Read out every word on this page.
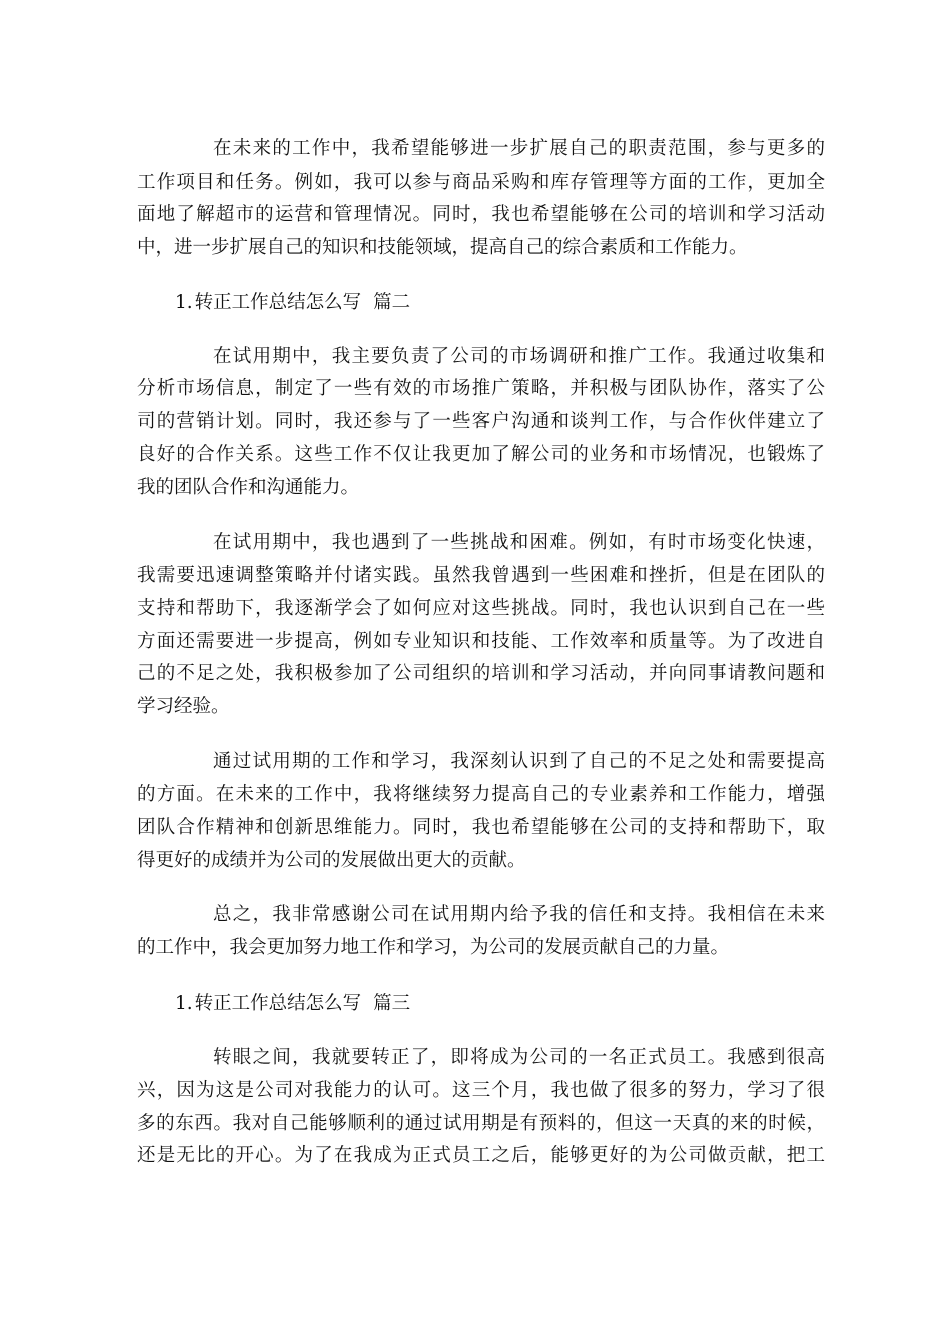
在未来的工作中，我希望能够进一步扩展自己的职责范围，参与更多的
工作项目和任务。例如，我可以参与商品采购和库存管理等方面的工作，更加全
面地了解超市的运营和管理情况。同时，我也希望能够在公司的培训和学习活动
中，进一步扩展自己的知识和技能领域，提高自己的综合素质和工作能力。
1. 转正工作总结怎么写 篇二
在试用期中，我主要负责了公司的市场调研和推广工作。我通过收集和
分析市场信息，制定了一些有效的市场推广策略，并积极与团队协作，落实了公
司的营销计划。同时，我还参与了一些客户沟通和谈判工作，与合作伙伴建立了
良好的合作关系。这些工作不仅让我更加了解公司的业务和市场情况，也锻炼了
我的团队合作和沟通能力。
在试用期中，我也遇到了一些挑战和困难。例如，有时市场变化快速，
我需要迅速调整策略并付诸实践。虽然我曾遇到一些困难和挫折，但是在团队的
支持和帮助下，我逐渐学会了如何应对这些挑战。同时，我也认识到自己在一些
方面还需要进一步提高，例如专业知识和技能、工作效率和质量等。为了改进自
己的不足之处，我积极参加了公司组织的培训和学习活动，并向同事请教问题和
学习经验。
通过试用期的工作和学习，我深刻认识到了自己的不足之处和需要提高
的方面。在未来的工作中，我将继续努力提高自己的专业素养和工作能力，增强
团队合作精神和创新思维能力。同时，我也希望能够在公司的支持和帮助下，取
得更好的成绩并为公司的发展做出更大的贡献。
总之，我非常感谢公司在试用期内给予我的信任和支持。我相信在未来
的工作中，我会更加努力地工作和学习，为公司的发展贡献自己的力量。
1. 转正工作总结怎么写 篇三
转眼之间，我就要转正了，即将成为公司的一名正式员工。我感到很高
兴，因为这是公司对我能力的认可。这三个月，我也做了很多的努力，学习了很
多的东西。我对自己能够顺利的通过试用期是有预料的，但这一天真的来的时候，
还是无比的开心。为了在我成为正式员工之后，能够更好的为公司做贡献，把工
